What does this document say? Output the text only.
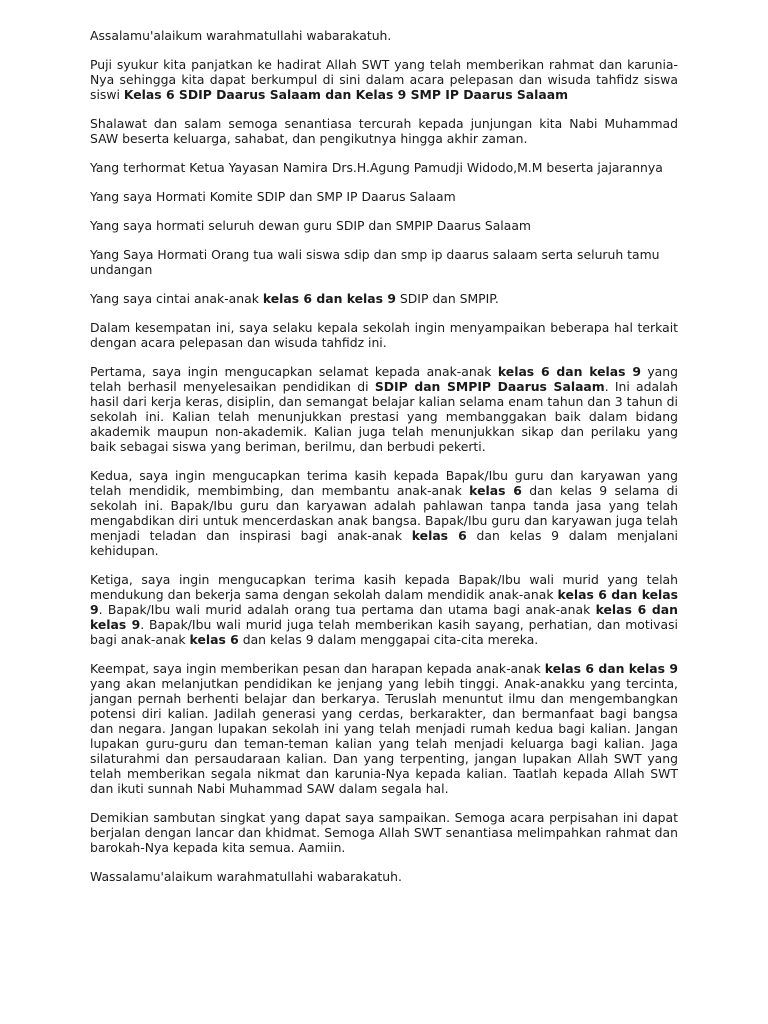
Assalamu'alaikum warahmatullahi wabarakatuh.

Puji syukur kita panjatkan ke hadirat Allah SWT yang telah memberikan rahmat dan karunia-Nya sehingga kita dapat berkumpul di sini dalam acara pelepasan dan wisuda tahfidz siswa siswi Kelas 6 SDIP Daarus Salaam dan Kelas 9 SMP IP Daarus Salaam

Shalawat dan salam semoga senantiasa tercurah kepada junjungan kita Nabi Muhammad SAW beserta keluarga, sahabat, dan pengikutnya hingga akhir zaman.

Yang terhormat Ketua Yayasan Namira Drs.H.Agung Pamudji Widodo,M.M beserta jajarannya

Yang saya Hormati Komite SDIP dan SMP IP Daarus Salaam

Yang saya hormati seluruh dewan guru SDIP dan SMPIP Daarus Salaam

Yang Saya Hormati Orang tua wali siswa sdip dan smp ip daarus salaam serta seluruh tamu undangan

Yang saya cintai anak-anak kelas 6 dan kelas 9 SDIP dan SMPIP.

Dalam kesempatan ini, saya selaku kepala sekolah ingin menyampaikan beberapa hal terkait dengan acara pelepasan dan wisuda tahfidz ini.

Pertama, saya ingin mengucapkan selamat kepada anak-anak kelas 6 dan kelas 9 yang telah berhasil menyelesaikan pendidikan di SDIP dan SMPIP Daarus Salaam. Ini adalah hasil dari kerja keras, disiplin, dan semangat belajar kalian selama enam tahun dan 3 tahun di sekolah ini. Kalian telah menunjukkan prestasi yang membanggakan baik dalam bidang akademik maupun non-akademik. Kalian juga telah menunjukkan sikap dan perilaku yang baik sebagai siswa yang beriman, berilmu, dan berbudi pekerti.

Kedua, saya ingin mengucapkan terima kasih kepada Bapak/Ibu guru dan karyawan yang telah mendidik, membimbing, dan membantu anak-anak kelas 6 dan kelas 9 selama di sekolah ini. Bapak/Ibu guru dan karyawan adalah pahlawan tanpa tanda jasa yang telah mengabdikan diri untuk mencerdaskan anak bangsa. Bapak/Ibu guru dan karyawan juga telah menjadi teladan dan inspirasi bagi anak-anak kelas 6 dan kelas 9 dalam menjalani kehidupan.

Ketiga, saya ingin mengucapkan terima kasih kepada Bapak/Ibu wali murid yang telah mendukung dan bekerja sama dengan sekolah dalam mendidik anak-anak kelas 6 dan kelas 9. Bapak/Ibu wali murid adalah orang tua pertama dan utama bagi anak-anak kelas 6 dan kelas 9. Bapak/Ibu wali murid juga telah memberikan kasih sayang, perhatian, dan motivasi bagi anak-anak kelas 6 dan kelas 9 dalam menggapai cita-cita mereka.

Keempat, saya ingin memberikan pesan dan harapan kepada anak-anak kelas 6 dan kelas 9 yang akan melanjutkan pendidikan ke jenjang yang lebih tinggi. Anak-anakku yang tercinta, jangan pernah berhenti belajar dan berkarya. Teruslah menuntut ilmu dan mengembangkan potensi diri kalian. Jadilah generasi yang cerdas, berkarakter, dan bermanfaat bagi bangsa dan negara. Jangan lupakan sekolah ini yang telah menjadi rumah kedua bagi kalian. Jangan lupakan guru-guru dan teman-teman kalian yang telah menjadi keluarga bagi kalian. Jaga silaturahmi dan persaudaraan kalian. Dan yang terpenting, jangan lupakan Allah SWT yang telah memberikan segala nikmat dan karunia-Nya kepada kalian. Taatlah kepada Allah SWT dan ikuti sunnah Nabi Muhammad SAW dalam segala hal.

Demikian sambutan singkat yang dapat saya sampaikan. Semoga acara perpisahan ini dapat berjalan dengan lancar dan khidmat. Semoga Allah SWT senantiasa melimpahkan rahmat dan barokah-Nya kepada kita semua. Aamiin.

Wassalamu'alaikum warahmatullahi wabarakatuh.
